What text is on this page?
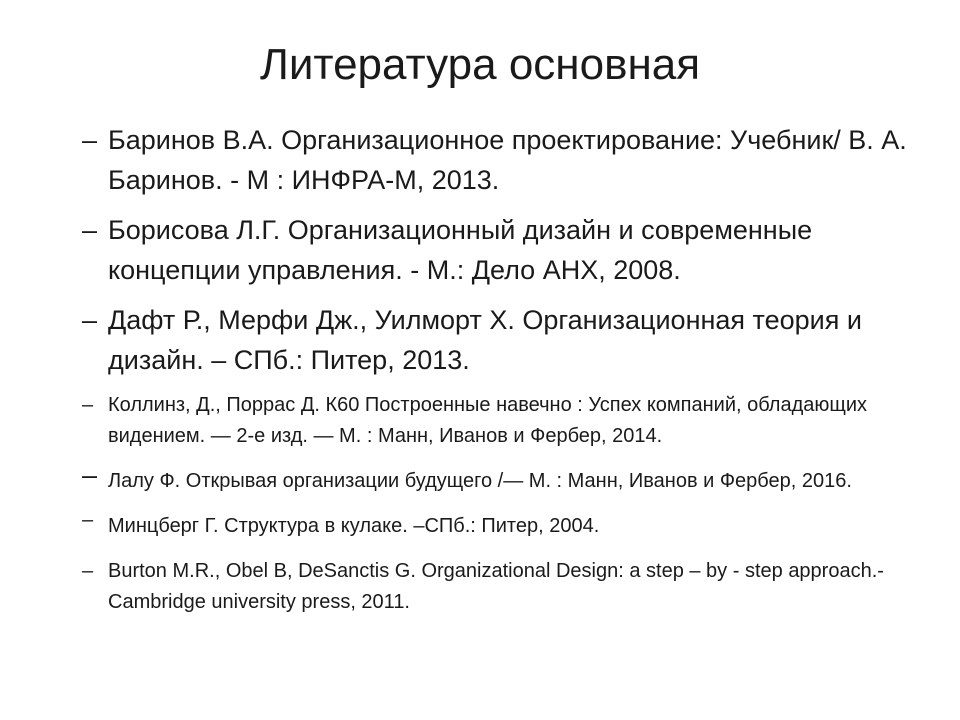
Литература основная
– Баринов В.А. Организационное проектирование: Учебник/ В. А. Баринов. - М : ИНФРА-М, 2013.
– Борисова Л.Г. Организационный дизайн и современные концепции управления. - М.: Дело АНХ, 2008.
– Дафт Р., Мерфи Дж., Уилморт Х. Организационная теория и дизайн. – СПб.: Питер, 2013.
– Коллинз, Д., Поррас Д. К60 Построенные навечно : Успех компаний, обладающих видением. — 2-е изд. — М. : Манн, Иванов и Фербер, 2014.
– Лалу Ф. Открывая организации будущего /— М. : Манн, Иванов и Фербер, 2016.
– Минцберг Г. Структура в кулаке. –СПб.: Питер, 2004.
– Burton M.R., Obel B, DeSanctis G. Organizational Design: a step – by - step approach.- Cambridge university press, 2011.
